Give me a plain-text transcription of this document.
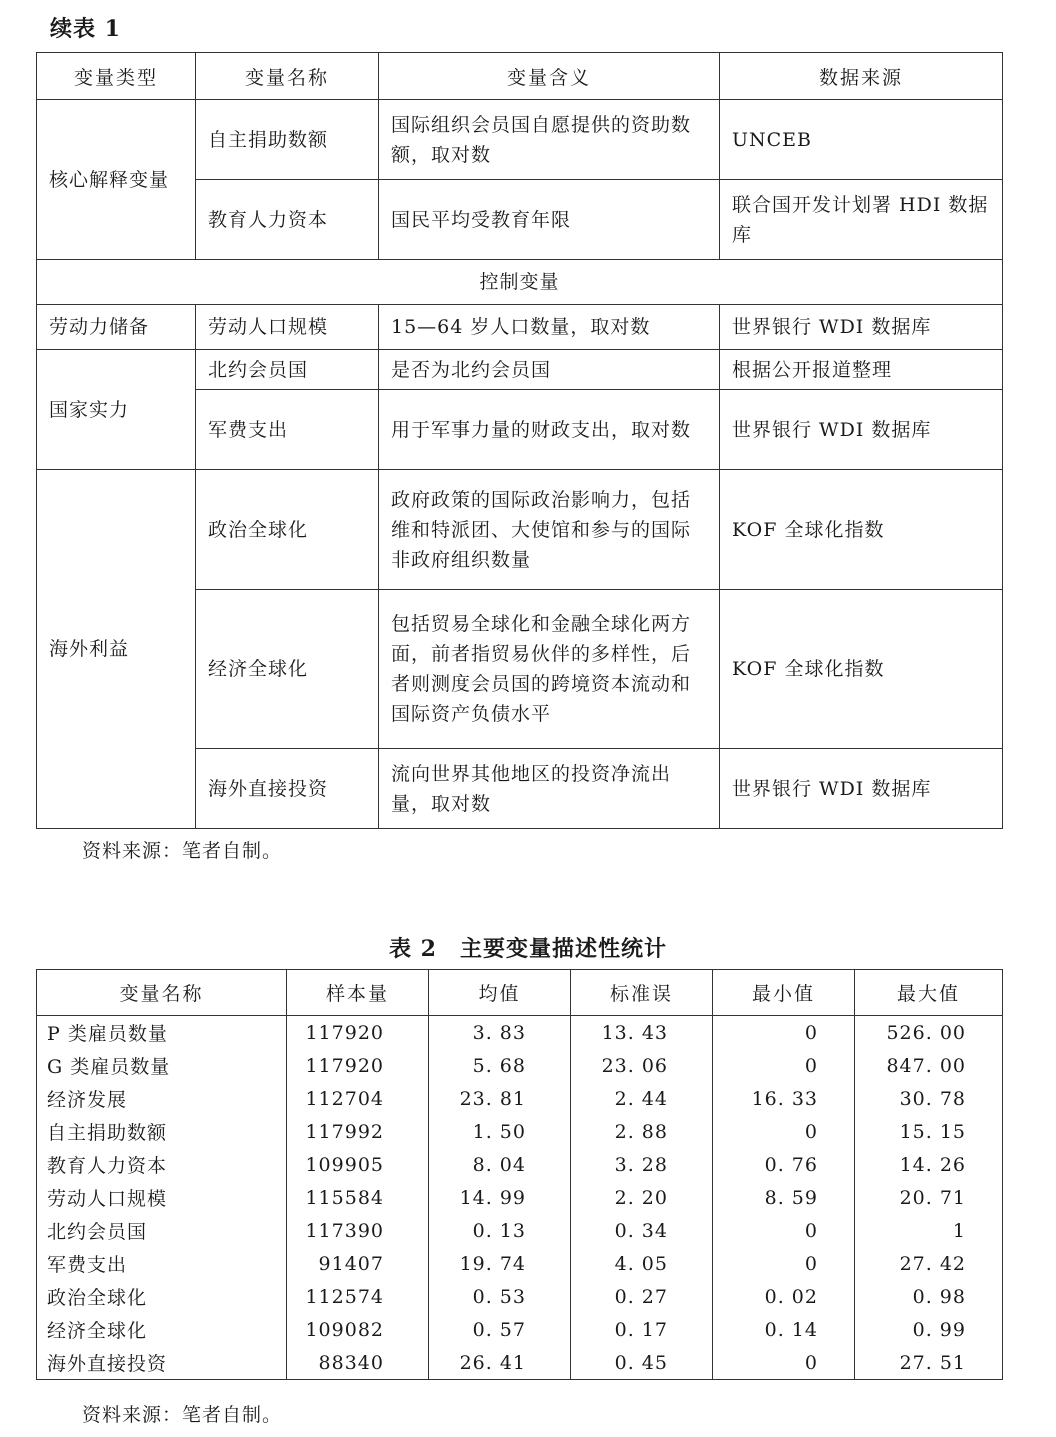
续表 1
变量类型	变量名称	变量含义	数据来源
核心解释变量	自主捐助数额	国际组织会员国自愿提供的资助数额，取对数	UNCEB
	教育人力资本	国民平均受教育年限	联合国开发计划署 HDI 数据库
控制变量			
劳动力储备	劳动人口规模	15—64 岁人口数量，取对数	世界银行 WDI 数据库
国家实力	北约会员国	是否为北约会员国	根据公开报道整理
	军费支出	用于军事力量的财政支出，取对数	世界银行 WDI 数据库
海外利益	政治全球化	政府政策的国际政治影响力，包括维和特派团、大使馆和参与的国际非政府组织数量	KOF 全球化指数
	经济全球化	包括贸易全球化和金融全球化两方面，前者指贸易伙伴的多样性，后者则测度会员国的跨境资本流动和国际资产负债水平	KOF 全球化指数
	海外直接投资	流向世界其他地区的投资净流出量，取对数	世界银行 WDI 数据库
资料来源：笔者自制。
表 2　主要变量描述性统计
变量名称	样本量	均值	标准误	最小值	最大值
P 类雇员数量	117920	3. 83	13. 43	0	526. 00
G 类雇员数量	117920	5. 68	23. 06	0	847. 00
经济发展	112704	23. 81	2. 44	16. 33	30. 78
自主捐助数额	117992	1. 50	2. 88	0	15. 15
教育人力资本	109905	8. 04	3. 28	0. 76	14. 26
劳动人口规模	115584	14. 99	2. 20	8. 59	20. 71
北约会员国	117390	0. 13	0. 34	0	1
军费支出	91407	19. 74	4. 05	0	27. 42
政治全球化	112574	0. 53	0. 27	0. 02	0. 98
经济全球化	109082	0. 57	0. 17	0. 14	0. 99
海外直接投资	88340	26. 41	0. 45	0	27. 51
资料来源：笔者自制。
